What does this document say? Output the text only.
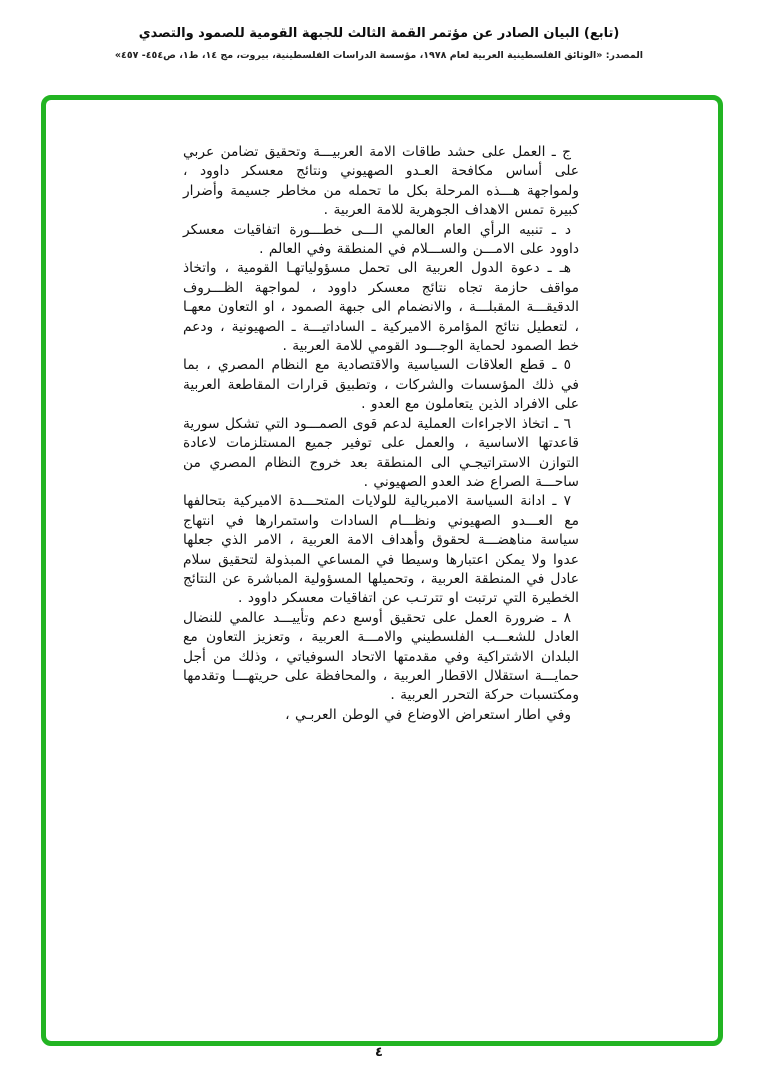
(تابع) البيان الصادر عن مؤتمر القمة الثالث للجبهة القومية للصمود والتصدي
المصدر: «الوثائق الفلسطينية العربية لعام ١٩٧٨، مؤسسة الدراسات الفلسطينية، بيروت، مج ١٤، ط١، ص٤٥٤- ٤٥٧»

ج ـ العمل على حشد طاقات الامة العربيـــة وتحقيق تضامن عربي على أساس مكافحة العـدو الصهيوني ونتائج معسكر داوود ، ولمواجهة هـــذه المرحلة بكل ما تحمله من مخاطر جسيمة وأضرار كبيرة تمس الاهداف الجوهرية للامة العربية .

د ـ تنبيه الرأي العام العالمي الـــى خطـــورة اتفاقيات معسكر داوود على الامـــن والســـلام في المنطقة وفي العالم .

هـ ـ دعوة الدول العربية الى تحمل مسؤولياتهـا القومية ، واتخاذ مواقف حازمة تجاه نتائج معسكر داوود ، لمواجهة الظـــروف الدقيقـــة المقبلـــة ، والانضمام الى جبهة الصمود ، او التعاون معهـا ، لتعطيل نتائج المؤامرة الاميركية ـ الساداتيـــة ـ الصهيونية ، ودعم خط الصمود لحماية الوجـــود القومي للامة العربية .

٥ ـ قطع العلاقات السياسية والاقتصادية مع النظام المصري ، بما في ذلك المؤسسات والشركات ، وتطبيق قرارات المقاطعة العربية على الافراد الذين يتعاملون مع العدو .

٦ ـ اتخاذ الاجراءات العملية لدعم قوى الصمـــود التي تشكل سورية قاعدتها الاساسية ، والعمل على توفير جميع المستلزمات لاعادة التوازن الاستراتيجـي الى المنطقة بعد خروج النظام المصري من ساحـــة الصراع ضد العدو الصهيوني .

٧ ـ ادانة السياسة الامبريالية للولايات المتحـــدة الاميركية بتحالفها مع العـــدو الصهيوني ونظـــام السادات واستمرارها في انتهاج سياسة مناهضـــة لحقوق وأهداف الامة العربية ، الامر الذي جعلها عدوا ولا يمكن اعتبارها وسيطا في المساعي المبذولة لتحقيق سلام عادل في المنطقة العربية ، وتحميلها المسؤولية المباشرة عن النتائج الخطيرة التي ترتبت او تترتـب عن اتفاقيات معسكر داوود .

٨ ـ ضرورة العمل على تحقيق أوسع دعم وتأييـــد عالمي للنضال العادل للشعـــب الفلسطيني والامـــة العربية ، وتعزيز التعاون مع البلدان الاشتراكية وفي مقدمتها الاتحاد السوفياتي ، وذلك من أجل حمايـــة استقلال الاقطار العربية ، والمحافظة على حريتهـــا وتقدمها ومكتسبات حركة التحرر العربية .

وفي اطار استعراض الاوضاع في الوطن العربـي ،

٤
